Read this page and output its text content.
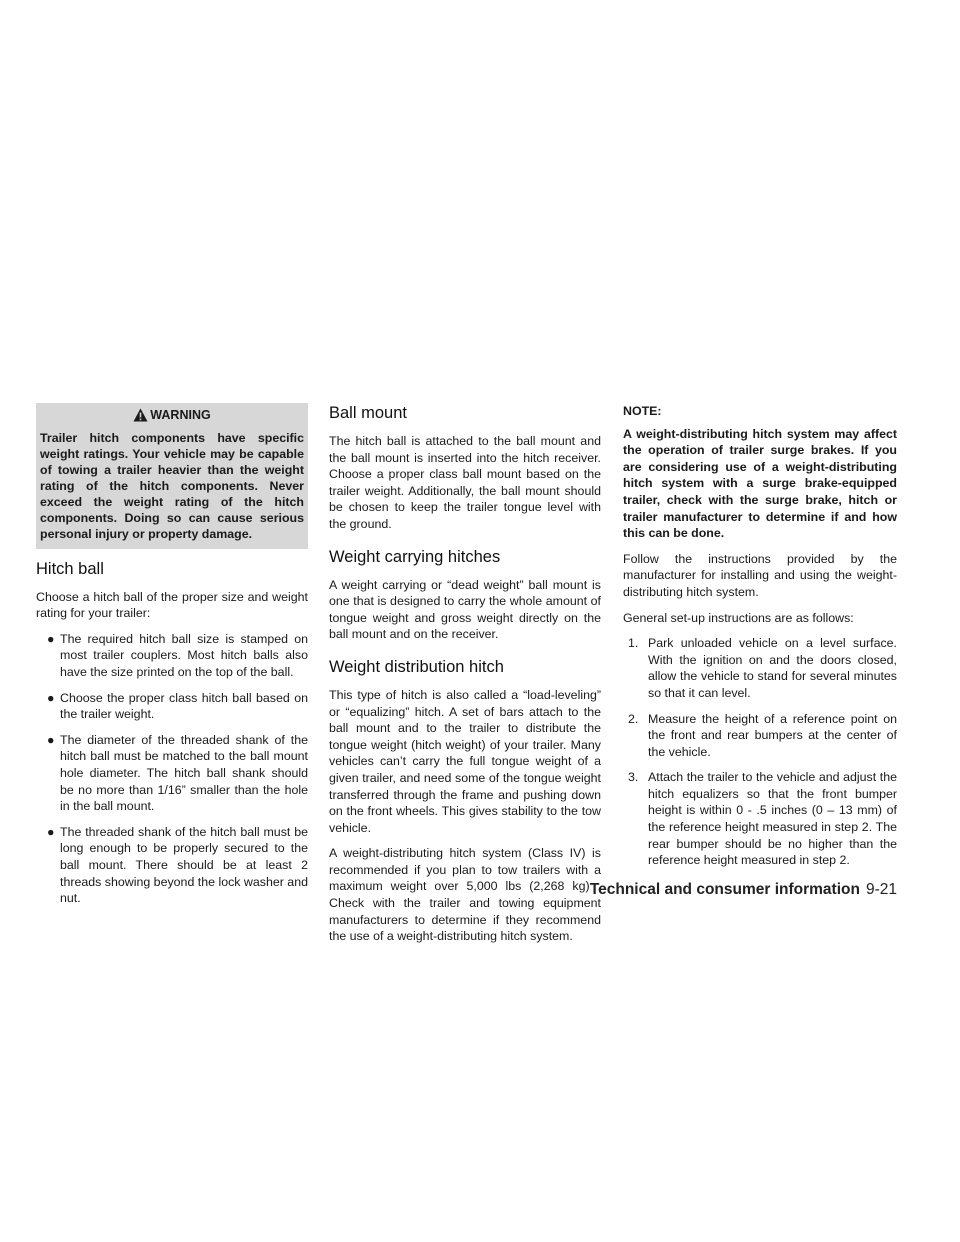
WARNING
Trailer hitch components have specific weight ratings. Your vehicle may be capable of towing a trailer heavier than the weight rating of the hitch components. Never exceed the weight rating of the hitch components. Doing so can cause serious personal injury or property damage.
Hitch ball

Choose a hitch ball of the proper size and weight rating for your trailer:

● The required hitch ball size is stamped on most trailer couplers. Most hitch balls also have the size printed on the top of the ball.
● Choose the proper class hitch ball based on the trailer weight.
● The diameter of the threaded shank of the hitch ball must be matched to the ball mount hole diameter. The hitch ball shank should be no more than 1/16” smaller than the hole in the ball mount.
● The threaded shank of the hitch ball must be long enough to be properly secured to the ball mount. There should be at least 2 threads showing beyond the lock washer and nut.
Ball mount

The hitch ball is attached to the ball mount and the ball mount is inserted into the hitch receiver. Choose a proper class ball mount based on the trailer weight. Additionally, the ball mount should be chosen to keep the trailer tongue level with the ground.

Weight carrying hitches

A weight carrying or “dead weight” ball mount is one that is designed to carry the whole amount of tongue weight and gross weight directly on the ball mount and on the receiver.

Weight distribution hitch

This type of hitch is also called a “load-leveling” or “equalizing” hitch. A set of bars attach to the ball mount and to the trailer to distribute the tongue weight (hitch weight) of your trailer. Many vehicles can’t carry the full tongue weight of a given trailer, and need some of the tongue weight transferred through the frame and pushing down on the front wheels. This gives stability to the tow vehicle.

A weight-distributing hitch system (Class IV) is recommended if you plan to tow trailers with a maximum weight over 5,000 lbs (2,268 kg) . Check with the trailer and towing equipment manufacturers to determine if they recommend the use of a weight-distributing hitch system.

NOTE:

A weight-distributing hitch system may affect the operation of trailer surge brakes. If you are considering use of a weight-distributing hitch system with a surge brake-equipped trailer, check with the surge brake, hitch or trailer manufacturer to determine if and how this can be done.

Follow the instructions provided by the manufacturer for installing and using the weight-distributing hitch system.

General set-up instructions are as follows:

1. Park unloaded vehicle on a level surface. With the ignition on and the doors closed, allow the vehicle to stand for several minutes so that it can level.
2. Measure the height of a reference point on the front and rear bumpers at the center of the vehicle.
3. Attach the trailer to the vehicle and adjust the hitch equalizers so that the front bumper height is within 0 - .5 inches (0 – 13 mm) of the reference height measured in step 2. The rear bumper should be no higher than the reference height measured in step 2.
Technical and consumer information 9-21
